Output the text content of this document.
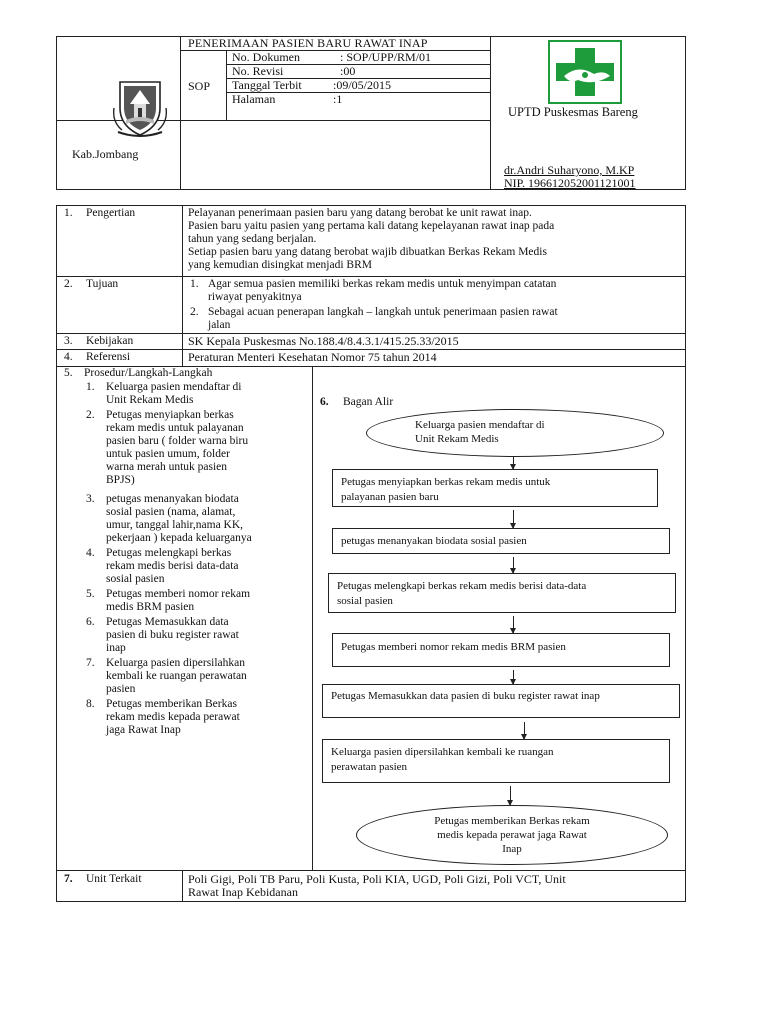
PENERIMAAN PASIEN BARU RAWAT INAP
SOP
No. Dokumen	: SOP/UPP/RM/01
No. Revisi	:00
Tanggal Terbit	:09/05/2015
Halaman	:1
Kab.Jombang
UPTD Puskesmas Bareng
dr.Andri Suharyono, M.KP
NIP. 196612052001121001
1. Pengertian	Pelayanan penerimaan pasien baru yang datang berobat ke unit rawat inap.
Pasien baru yaitu pasien yang pertama kali datang kepelayanan rawat inap pada
tahun yang sedang berjalan.
Setiap pasien baru yang datang berobat wajib dibuatkan Berkas Rekam Medis
yang kemudian disingkat menjadi BRM
2. Tujuan	1. Agar semua pasien memiliki berkas rekam medis untuk menyimpan catatan
riwayat penyakitnya
2. Sebagai acuan penerapan langkah – langkah untuk penerimaan pasien rawat
jalan
3. Kebijakan	SK Kepala Puskesmas No.188.4/8.4.3.1/415.25.33/2015
4. Referensi	Peraturan Menteri Kesehatan Nomor 75 tahun 2014
5. Prosedur/Langkah-Langkah
1. Keluarga pasien mendaftar di
Unit Rekam Medis
2. Petugas menyiapkan berkas
rekam medis untuk palayanan
pasien baru ( folder warna biru
untuk pasien umum, folder
warna merah untuk pasien
BPJS)
3. petugas menanyakan biodata
sosial pasien (nama, alamat,
umur, tanggal lahir,nama KK,
pekerjaan ) kepada keluarganya
4. Petugas melengkapi berkas
rekam medis berisi data-data
sosial pasien
5. Petugas memberi nomor rekam
medis BRM pasien
6. Petugas Memasukkan data
pasien di buku register rawat
inap
7. Keluarga pasien dipersilahkan
kembali ke ruangan perawatan
pasien
8. Petugas memberikan Berkas
rekam medis kepada perawat
jaga Rawat Inap
6. Bagan Alir
Keluarga pasien mendaftar di
Unit Rekam Medis
Petugas menyiapkan berkas rekam medis untuk
palayanan pasien baru
petugas menanyakan biodata sosial pasien
Petugas melengkapi berkas rekam medis berisi data-data
sosial pasien
Petugas memberi nomor rekam medis BRM pasien
Petugas Memasukkan data pasien di buku register rawat inap
Keluarga pasien dipersilahkan kembali ke ruangan
perawatan pasien
Petugas memberikan Berkas rekam
medis kepada perawat jaga Rawat
Inap
7. Unit Terkait	Poli Gigi, Poli TB Paru, Poli Kusta, Poli KIA, UGD, Poli Gizi, Poli VCT, Unit
Rawat Inap Kebidanan
